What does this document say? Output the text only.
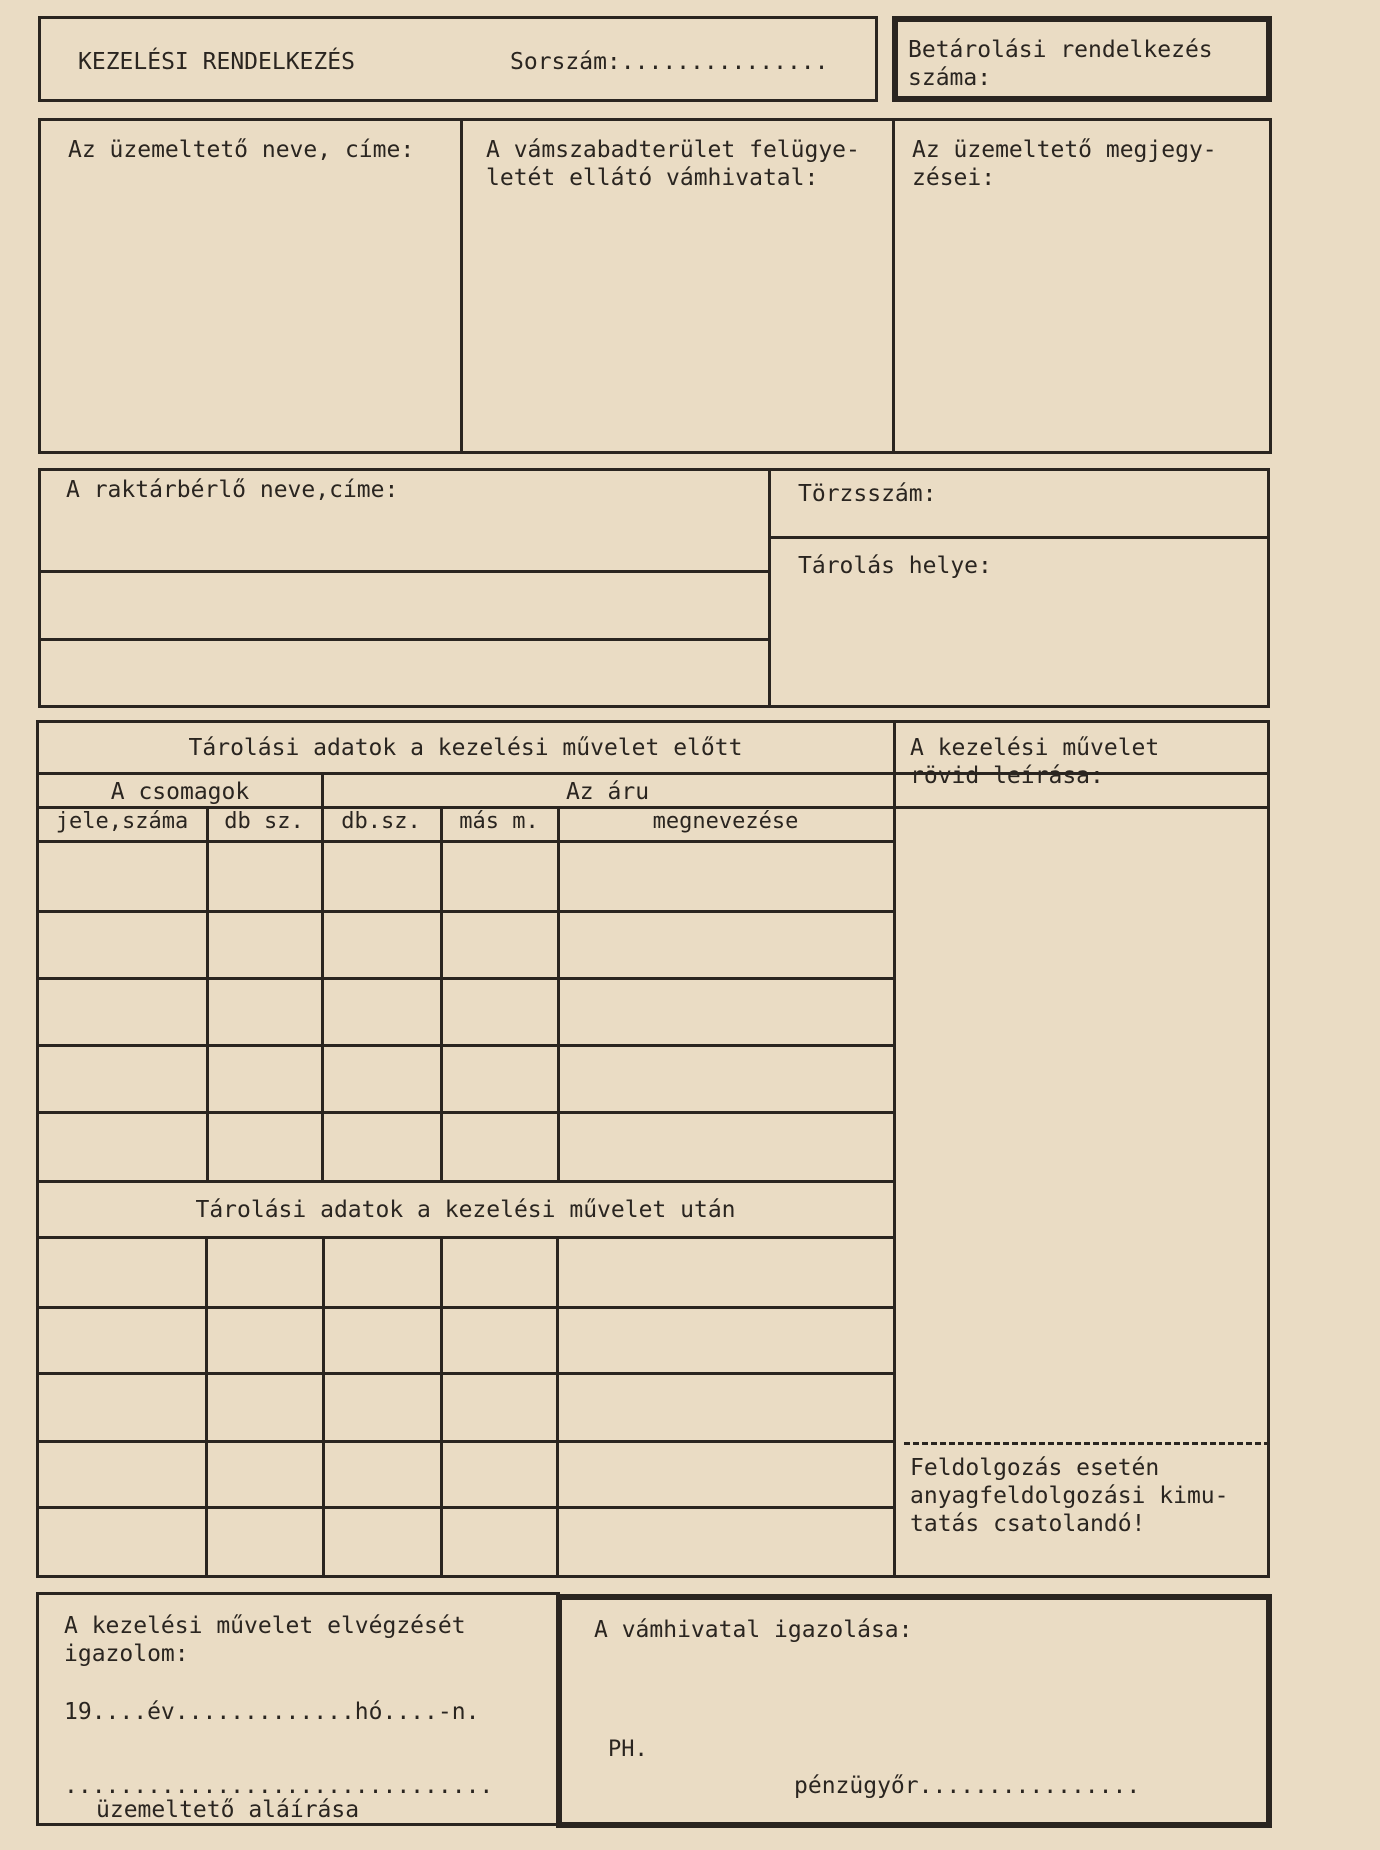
KEZELÉSI RENDELKEZÉS	Sorszám:...............	Betárolási rendelkezés
száma:
Az üzemeltető neve, címe:	A vámszabadterület felügye-
letét ellátó vámhivatal:
Az üzemeltető megjegy-
zései:
A raktárbérlő neve,címe:	Törzsszám:
Tárolás helye:
Tárolási adatok a kezelési művelet előtt
A csomagok	Az áru
jele,száma	db sz.	db.sz.	más m.	megnevezése
Tárolási adatok a kezelési művelet után
A kezelési művelet
rövid leírása:
Feldolgozás esetén
anyagfeldolgozási kimu-
tatás csatolandó!
A kezelési művelet elvégzését
igazolom:
19....év.............hó....-n.
...............................
üzemeltető aláírása
A vámhivatal igazolása:
PH.
pénzügyőr................
